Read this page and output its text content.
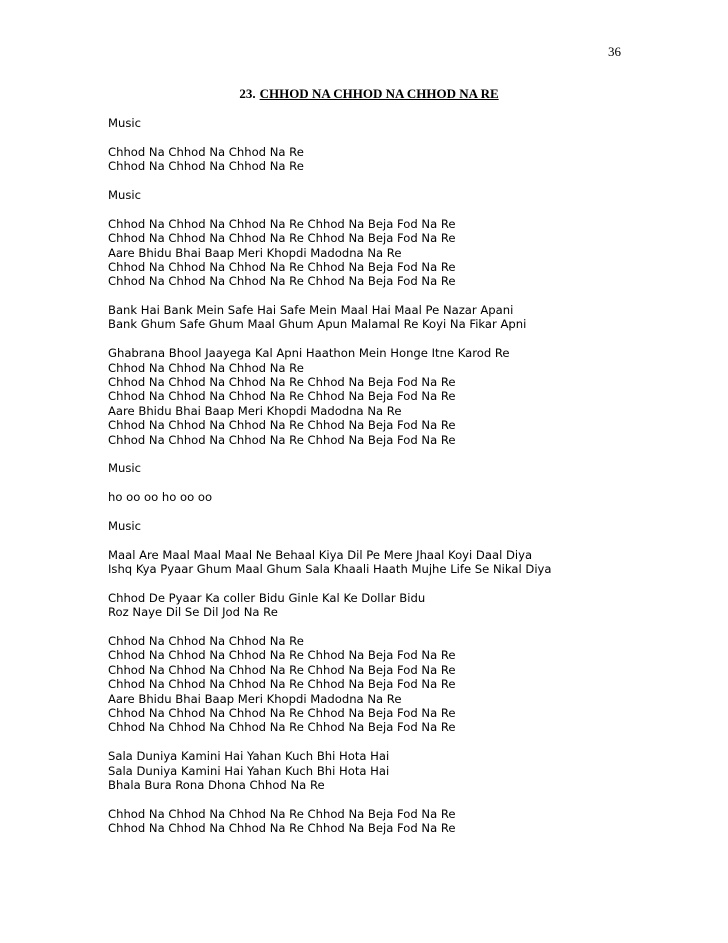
36
23. CHHOD NA CHHOD NA CHHOD NA RE
Music
Chhod Na Chhod Na Chhod Na Re
Chhod Na Chhod Na Chhod Na Re
Music
Chhod Na Chhod Na Chhod Na Re Chhod Na Beja Fod Na Re
Chhod Na Chhod Na Chhod Na Re Chhod Na Beja Fod Na Re
Aare Bhidu Bhai Baap Meri Khopdi Madodna Na Re
Chhod Na Chhod Na Chhod Na Re Chhod Na Beja Fod Na Re
Chhod Na Chhod Na Chhod Na Re Chhod Na Beja Fod Na Re
Bank Hai Bank Mein Safe Hai Safe Mein Maal Hai Maal Pe Nazar Apani
Bank Ghum Safe Ghum Maal Ghum Apun Malamal Re Koyi Na Fikar Apni
Ghabrana Bhool Jaayega Kal Apni Haathon Mein Honge Itne Karod Re
Chhod Na Chhod Na Chhod Na Re
Chhod Na Chhod Na Chhod Na Re Chhod Na Beja Fod Na Re
Chhod Na Chhod Na Chhod Na Re Chhod Na Beja Fod Na Re
Aare Bhidu Bhai Baap Meri Khopdi Madodna Na Re
Chhod Na Chhod Na Chhod Na Re Chhod Na Beja Fod Na Re
Chhod Na Chhod Na Chhod Na Re Chhod Na Beja Fod Na Re
Music
ho oo oo ho oo oo
Music
Maal Are Maal Maal Maal Ne Behaal Kiya Dil Pe Mere Jhaal Koyi Daal Diya
Ishq Kya Pyaar Ghum Maal Ghum Sala Khaali Haath Mujhe Life Se Nikal Diya
Chhod De Pyaar Ka coller Bidu Ginle Kal Ke Dollar Bidu
Roz Naye Dil Se Dil Jod Na Re
Chhod Na Chhod Na Chhod Na Re
Chhod Na Chhod Na Chhod Na Re Chhod Na Beja Fod Na Re
Chhod Na Chhod Na Chhod Na Re Chhod Na Beja Fod Na Re
Chhod Na Chhod Na Chhod Na Re Chhod Na Beja Fod Na Re
Aare Bhidu Bhai Baap Meri Khopdi Madodna Na Re
Chhod Na Chhod Na Chhod Na Re Chhod Na Beja Fod Na Re
Chhod Na Chhod Na Chhod Na Re Chhod Na Beja Fod Na Re
Sala Duniya Kamini Hai Yahan Kuch Bhi Hota Hai
Sala Duniya Kamini Hai Yahan Kuch Bhi Hota Hai
Bhala Bura Rona Dhona Chhod Na Re
Chhod Na Chhod Na Chhod Na Re Chhod Na Beja Fod Na Re
Chhod Na Chhod Na Chhod Na Re Chhod Na Beja Fod Na Re
